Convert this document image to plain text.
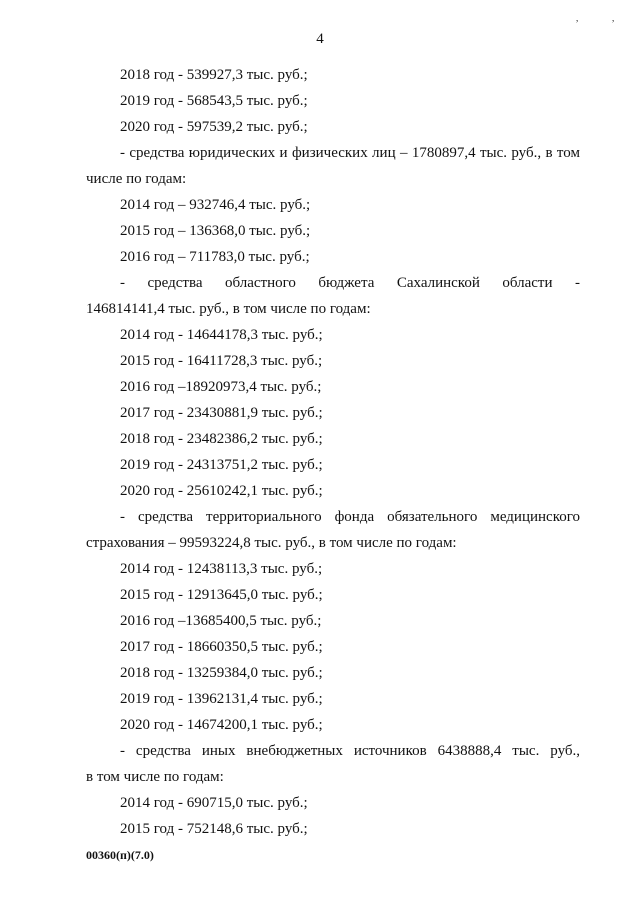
,	,
4
2018 год - 539927,3 тыс. руб.;
2019 год - 568543,5 тыс. руб.;
2020 год - 597539,2 тыс. руб.;
- средства юридических и физических лиц – 1780897,4 тыс. руб., в том
числе по годам:
2014 год – 932746,4 тыс. руб.;
2015 год – 136368,0 тыс. руб.;
2016 год – 711783,0 тыс. руб.;
- средства областного бюджета Сахалинской области -
146814141,4 тыс. руб., в том числе по годам:
2014 год - 14644178,3 тыс. руб.;
2015 год - 16411728,3 тыс. руб.;
2016 год –18920973,4 тыс. руб.;
2017 год - 23430881,9 тыс. руб.;
2018 год - 23482386,2 тыс. руб.;
2019 год - 24313751,2 тыс. руб.;
2020 год - 25610242,1 тыс. руб.;
- средства территориального фонда обязательного медицинского
страхования – 99593224,8 тыс. руб., в том числе по годам:
2014 год - 12438113,3 тыс. руб.;
2015 год - 12913645,0 тыс. руб.;
2016 год –13685400,5 тыс. руб.;
2017 год - 18660350,5 тыс. руб.;
2018 год - 13259384,0 тыс. руб.;
2019 год - 13962131,4 тыс. руб.;
2020 год - 14674200,1 тыс. руб.;
- средства иных внебюджетных источников 6438888,4 тыс. руб.,
в том числе по годам:
2014 год - 690715,0 тыс. руб.;
2015 год - 752148,6 тыс. руб.;
00360(п)(7.0)
